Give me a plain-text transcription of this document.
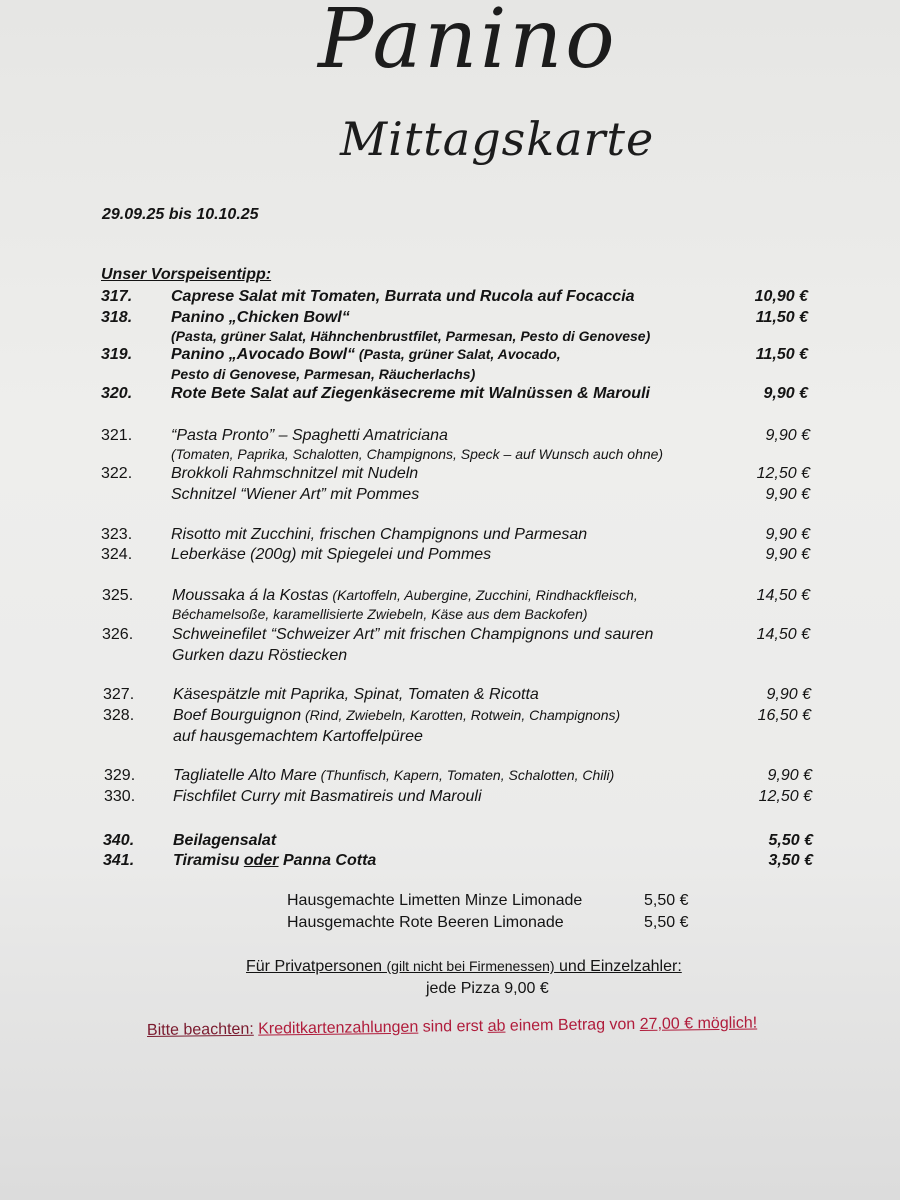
Panino
Mittagskarte
29.09.25 bis 10.10.25
Unser Vorspeisentipp:
317. Caprese Salat mit Tomaten, Burrata und Rucola auf Focaccia	10,90 €
318. Panino „Chicken Bowl“	11,50 €
(Pasta, grüner Salat, Hähnchenbrustfilet, Parmesan, Pesto di Genovese)
319. Panino „Avocado Bowl“ (Pasta, grüner Salat, Avocado,	11,50 €
Pesto di Genovese, Parmesan, Räucherlachs)
320. Rote Bete Salat auf Ziegenkäsecreme mit Walnüssen & Marouli	9,90 €
321. “Pasta Pronto” – Spaghetti Amatriciana	9,90 €
(Tomaten, Paprika, Schalotten, Champignons, Speck – auf Wunsch auch ohne)
322. Brokkoli Rahmschnitzel mit Nudeln	12,50 €
Schnitzel “Wiener Art” mit Pommes	9,90 €
323. Risotto mit Zucchini, frischen Champignons und Parmesan	9,90 €
324. Leberkäse (200g) mit Spiegelei und Pommes	9,90 €
325. Moussaka á la Kostas (Kartoffeln, Aubergine, Zucchini, Rindhackfleisch,	14,50 €
Béchamelsoße, karamellisierte Zwiebeln, Käse aus dem Backofen)
326. Schweinefilet “Schweizer Art” mit frischen Champignons und sauren	14,50 €
Gurken dazu Röstiecken
327. Käsespätzle mit Paprika, Spinat, Tomaten & Ricotta	9,90 €
328. Boef Bourguignon (Rind, Zwiebeln, Karotten, Rotwein, Champignons)	16,50 €
auf hausgemachtem Kartoffelpüree
329. Tagliatelle Alto Mare (Thunfisch, Kapern, Tomaten, Schalotten, Chili)	9,90 €
330. Fischfilet Curry mit Basmatireis und Marouli	12,50 €
340. Beilagensalat	5,50 €
341. Tiramisu oder Panna Cotta	3,50 €
Hausgemachte Limetten Minze Limonade	5,50 €
Hausgemachte Rote Beeren Limonade	5,50 €
Für Privatpersonen (gilt nicht bei Firmenessen) und Einzelzahler:
jede Pizza 9,00 €
Bitte beachten: Kreditkartenzahlungen sind erst ab einem Betrag von 27,00 € möglich!
